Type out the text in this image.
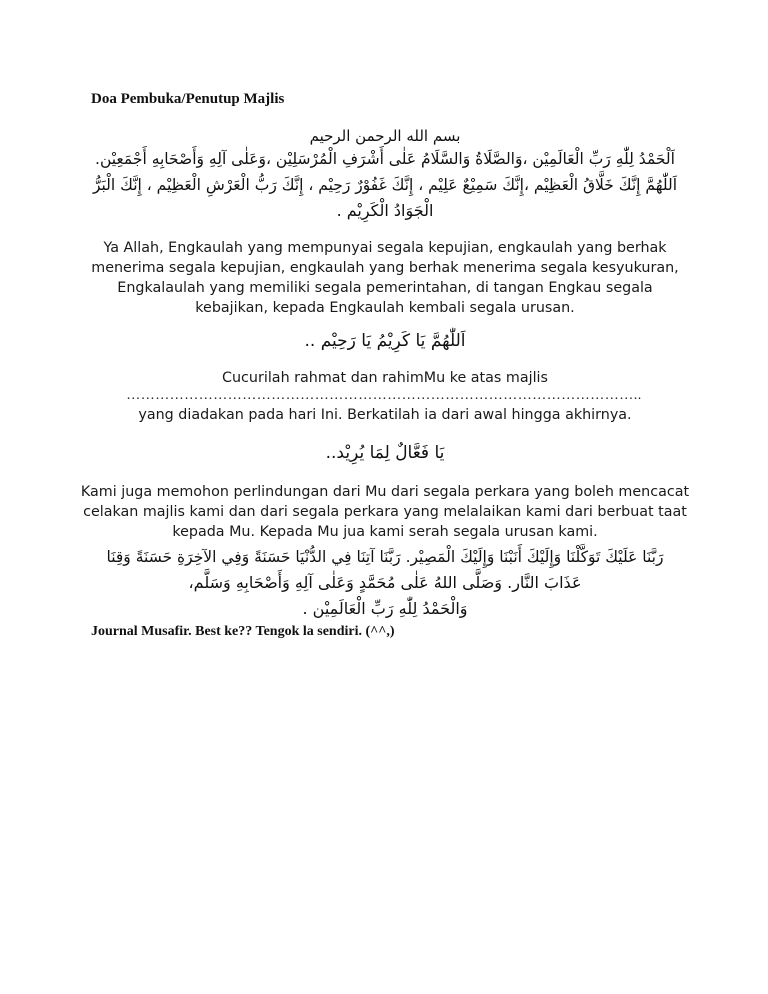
Doa Pembuka/Penutup Majlis
بسم الله الرحمن الرحيم
اَلْحَمْدُ لِلّٰهِ رَبِّ الْعَالَمِيْن ،وَالصَّلَاةُ وَالسَّلَامُ عَلٰى أَشْرَفِ الْمُرْسَلِيْن ،وَعَلٰى آلِهِ وَأَصْحَابِهِ أَجْمَعِيْن.
اَللّٰهُمَّ إِنَّكَ خَلَّاقُ الْعَظِيْم ،إِنَّكَ سَمِيْعٌ عَلِيْم ، إِنَّكَ غَفُوْرٌ رَحِيْم ، إِنَّكَ رَبُّ الْعَرْشِ الْعَظِيْم ، إِنَّكَ الْبَرُّ
الْجَوَادُ الْكَرِيْم .
Ya Allah, Engkaulah yang mempunyai segala kepujian, engkaulah yang berhak menerima segala kepujian, engkaulah yang berhak menerima segala kesyukuran, Engkalaulah yang memiliki segala pemerintahan, di tangan Engkau segala kebajikan, kepada Engkaulah kembali segala urusan.
اَللّٰهُمَّ يَا كَرِيْمُ يَا رَحِيْم ..
Cucurilah rahmat dan rahimMu ke atas majlis
……………………………………………………………………………………………..
yang diadakan pada hari Ini. Berkatilah ia dari awal hingga akhirnya.
يَا فَعَّالٌ لِمَا يُرِيْد..
Kami juga memohon perlindungan dari Mu dari segala perkara yang boleh mencacat celakan majlis kami dan dari segala perkara yang melalaikan kami dari berbuat taat kepada Mu. Kepada Mu jua kami serah segala urusan kami.
رَبَّنَا عَلَيْكَ تَوَكَّلْنَا وَإِلَيْكَ أَنَبْنَا وَإِلَيْكَ الْمَصِيْر. رَبَّنَا آتِنَا فِي الدُّنْيَا حَسَنَةً وَفِي الآخِرَةِ حَسَنَةً وَقِنَا
عَذَابَ النَّار. وَصَلَّى اللهُ عَلٰى مُحَمَّدٍ وَعَلٰى آلِهِ وَأَصْحَابِهِ وَسَلَّم،
وَالْحَمْدُ لِلّٰهِ رَبِّ الْعَالَمِيْن .
Journal Musafir. Best ke?? Tengok la sendiri. (^^,)
